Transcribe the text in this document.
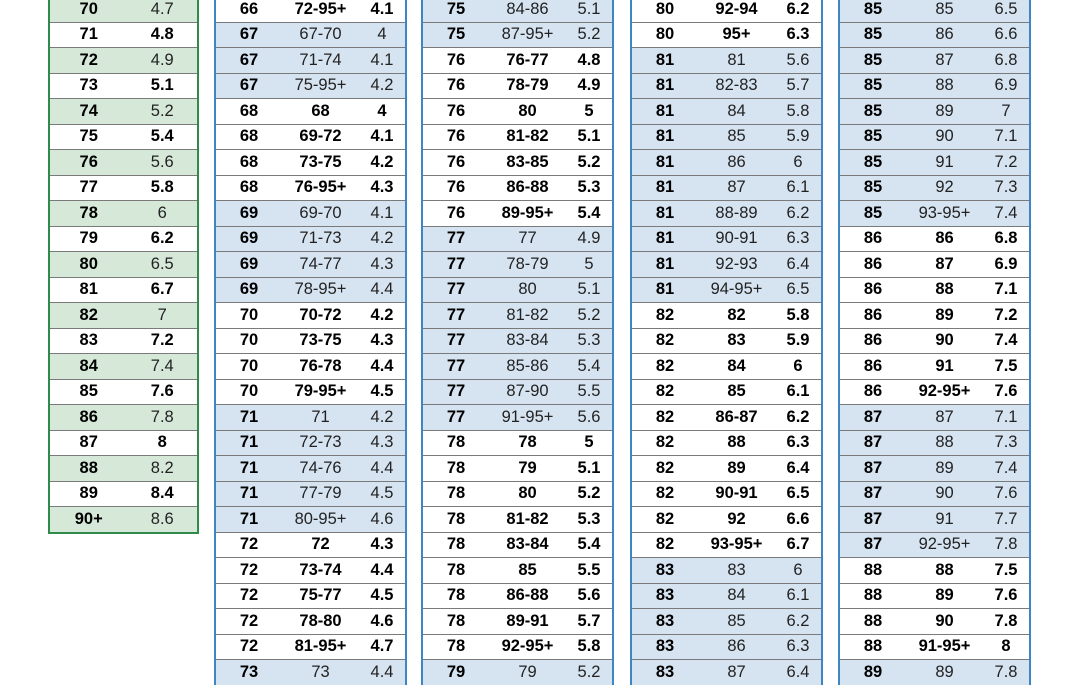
70	4.7
71	4.8
72	4.9
73	5.1
74	5.2
75	5.4
76	5.6
77	5.8
78	6
79	6.2
80	6.5
81	6.7
82	7
83	7.2
84	7.4
85	7.6
86	7.8
87	8
88	8.2
89	8.4
90+	8.6
66	72-95+	4.1
67	67-70	4
67	71-74	4.1
67	75-95+	4.2
68	68	4
68	69-72	4.1
68	73-75	4.2
68	76-95+	4.3
69	69-70	4.1
69	71-73	4.2
69	74-77	4.3
69	78-95+	4.4
70	70-72	4.2
70	73-75	4.3
70	76-78	4.4
70	79-95+	4.5
71	71	4.2
71	72-73	4.3
71	74-76	4.4
71	77-79	4.5
71	80-95+	4.6
72	72	4.3
72	73-74	4.4
72	75-77	4.5
72	78-80	4.6
72	81-95+	4.7
73	73	4.4
75	84-86	5.1
75	87-95+	5.2
76	76-77	4.8
76	78-79	4.9
76	80	5
76	81-82	5.1
76	83-85	5.2
76	86-88	5.3
76	89-95+	5.4
77	77	4.9
77	78-79	5
77	80	5.1
77	81-82	5.2
77	83-84	5.3
77	85-86	5.4
77	87-90	5.5
77	91-95+	5.6
78	78	5
78	79	5.1
78	80	5.2
78	81-82	5.3
78	83-84	5.4
78	85	5.5
78	86-88	5.6
78	89-91	5.7
78	92-95+	5.8
79	79	5.2
80	92-94	6.2
80	95+	6.3
81	81	5.6
81	82-83	5.7
81	84	5.8
81	85	5.9
81	86	6
81	87	6.1
81	88-89	6.2
81	90-91	6.3
81	92-93	6.4
81	94-95+	6.5
82	82	5.8
82	83	5.9
82	84	6
82	85	6.1
82	86-87	6.2
82	88	6.3
82	89	6.4
82	90-91	6.5
82	92	6.6
82	93-95+	6.7
83	83	6
83	84	6.1
83	85	6.2
83	86	6.3
83	87	6.4
85	85	6.5
85	86	6.6
85	87	6.8
85	88	6.9
85	89	7
85	90	7.1
85	91	7.2
85	92	7.3
85	93-95+	7.4
86	86	6.8
86	87	6.9
86	88	7.1
86	89	7.2
86	90	7.4
86	91	7.5
86	92-95+	7.6
87	87	7.1
87	88	7.3
87	89	7.4
87	90	7.6
87	91	7.7
87	92-95+	7.8
88	88	7.5
88	89	7.6
88	90	7.8
88	91-95+	8
89	89	7.8
